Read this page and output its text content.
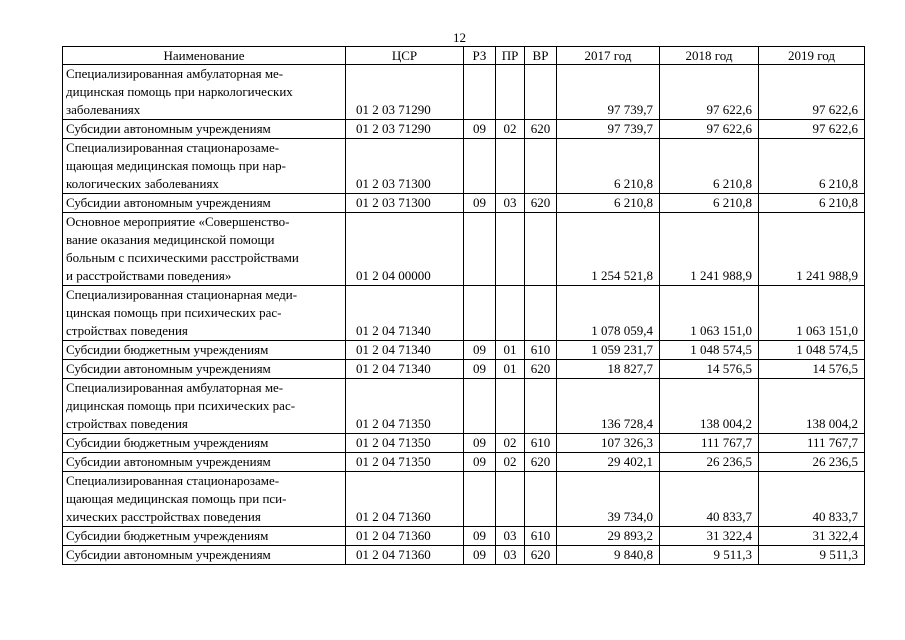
12
Наименование	ЦСР	РЗ	ПР	ВР	2017 год	2018 год	2019 год

Специализированная амбулаторная ме-
дицинская помощь при наркологических
заболеваниях	01 2 03 71290				97 739,7	97 622,6	97 622,6

Субсидии автономным учреждениям	01 2 03 71290	09	02	620	97 739,7	97 622,6	97 622,6

Специализированная стационарозаме-
щающая медицинская помощь при нар-
кологических заболеваниях	01 2 03 71300				6 210,8	6 210,8	6 210,8

Субсидии автономным учреждениям	01 2 03 71300	09	03	620	6 210,8	6 210,8	6 210,8

Основное мероприятие «Совершенство-
вание оказания медицинской помощи
больным с психическими расстройствами
и расстройствами поведения»	01 2 04 00000				1 254 521,8	1 241 988,9	1 241 988,9

Специализированная стационарная меди-
цинская помощь при психических рас-
стройствах поведения	01 2 04 71340				1 078 059,4	1 063 151,0	1 063 151,0

Субсидии бюджетным учреждениям	01 2 04 71340	09	01	610	1 059 231,7	1 048 574,5	1 048 574,5

Субсидии автономным учреждениям	01 2 04 71340	09	01	620	18 827,7	14 576,5	14 576,5

Специализированная амбулаторная ме-
дицинская помощь при психических рас-
стройствах поведения	01 2 04 71350				136 728,4	138 004,2	138 004,2

Субсидии бюджетным учреждениям	01 2 04 71350	09	02	610	107 326,3	111 767,7	111 767,7

Субсидии автономным учреждениям	01 2 04 71350	09	02	620	29 402,1	26 236,5	26 236,5

Специализированная стационарозаме-
щающая медицинская помощь при пси-
хических расстройствах поведения	01 2 04 71360				39 734,0	40 833,7	40 833,7

Субсидии бюджетным учреждениям	01 2 04 71360	09	03	610	29 893,2	31 322,4	31 322,4

Субсидии автономным учреждениям	01 2 04 71360	09	03	620	9 840,8	9 511,3	9 511,3
